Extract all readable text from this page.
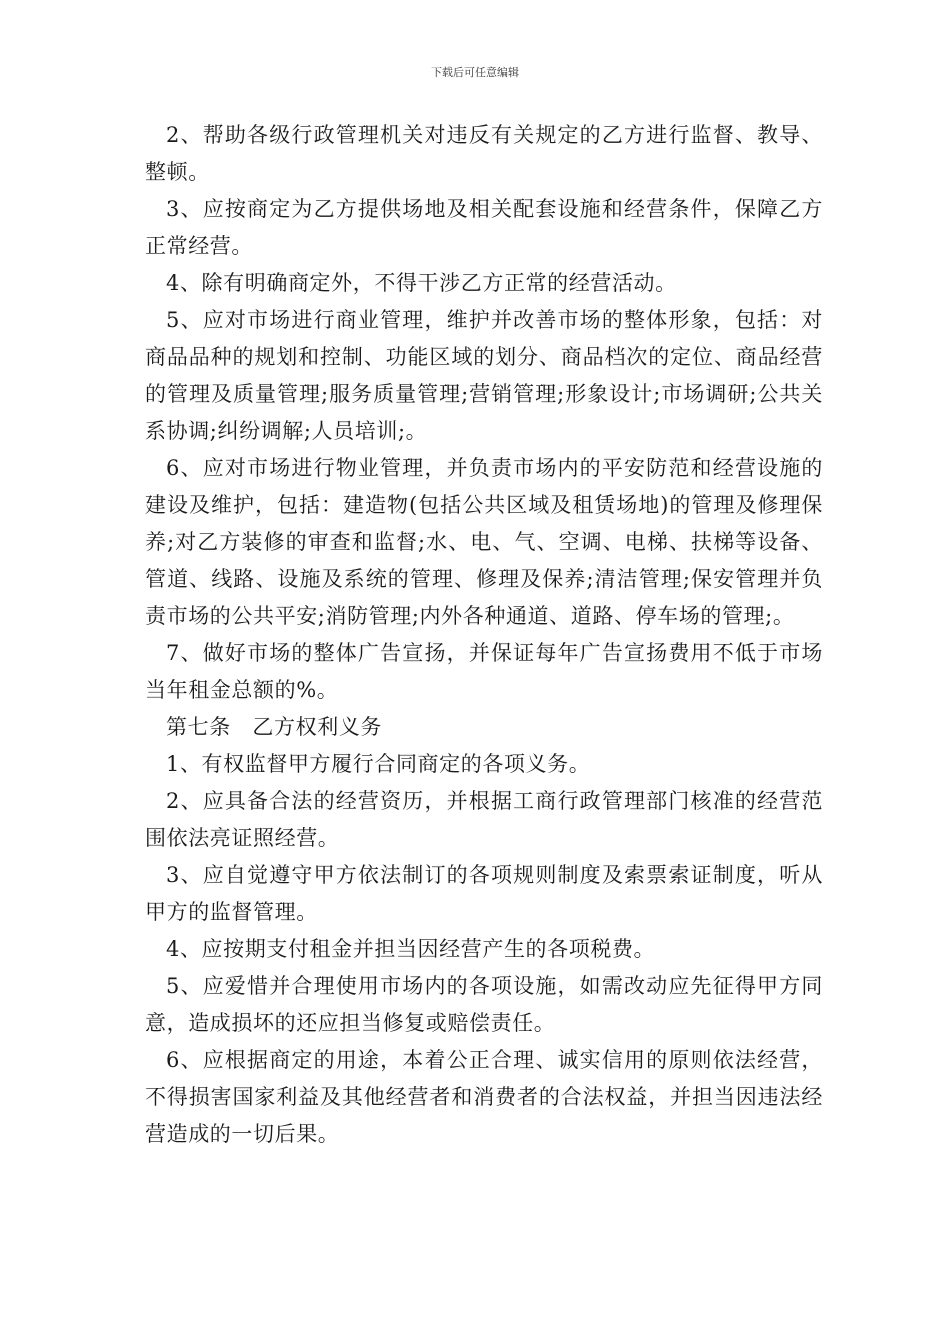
下载后可任意编辑

2、帮助各级行政管理机关对违反有关规定的乙方进行监督、教导、整顿。

3、应按商定为乙方提供场地及相关配套设施和经营条件，保障乙方正常经营。

4、除有明确商定外，不得干涉乙方正常的经营活动。

5、应对市场进行商业管理，维护并改善市场的整体形象，包括：对商品品种的规划和控制、功能区域的划分、商品档次的定位、商品经营的管理及质量管理;服务质量管理;营销管理;形象设计;市场调研;公共关系协调;纠纷调解;人员培训;。

6、应对市场进行物业管理，并负责市场内的平安防范和经营设施的建设及维护，包括：建造物(包括公共区域及租赁场地)的管理及修理保养;对乙方装修的审查和监督;水、电、气、空调、电梯、扶梯等设备、管道、线路、设施及系统的管理、修理及保养;清洁管理;保安管理并负责市场的公共平安;消防管理;内外各种通道、道路、停车场的管理;。

7、做好市场的整体广告宣扬，并保证每年广告宣扬费用不低于市场当年租金总额的%。

第七条　乙方权利义务

1、有权监督甲方履行合同商定的各项义务。

2、应具备合法的经营资历，并根据工商行政管理部门核准的经营范围依法亮证照经营。

3、应自觉遵守甲方依法制订的各项规则制度及索票索证制度，听从甲方的监督管理。

4、应按期支付租金并担当因经营产生的各项税费。

5、应爱惜并合理使用市场内的各项设施，如需改动应先征得甲方同意，造成损坏的还应担当修复或赔偿责任。

6、应根据商定的用途，本着公正合理、诚实信用的原则依法经营，不得损害国家利益及其他经营者和消费者的合法权益，并担当因违法经营造成的一切后果。
